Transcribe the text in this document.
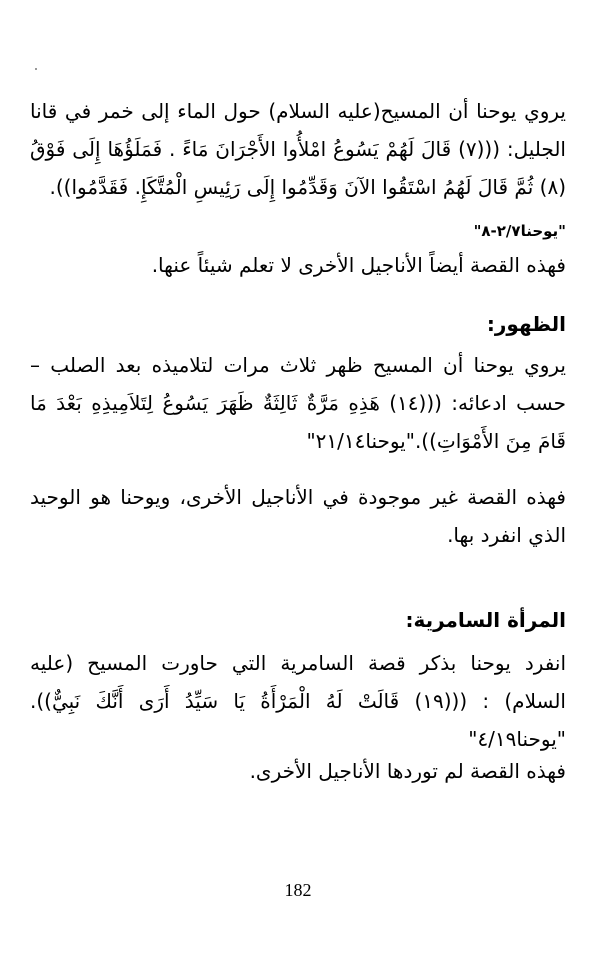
يروي يوحنا أن المسيح(عليه السلام) حول الماء إلى خمر في قانا الجليل: (((٧) قَالَ لَهُمْ يَسُوعُ امْلأُوا الأَجْرَانَ مَاءً . فَمَلَؤُهَا إِلَى فَوْقُ (٨) ثُمَّ قَالَ لَهُمُ اسْتَقُوا الآنَ وَقَدِّمُوا إِلَى رَئِيسِ الْمُتَّكَإِ. فَقَدَّمُوا)).
"يوحنا٢/٧-٨"
فهذه القصة أيضاً الأناجيل الأخرى لا تعلم شيئاً عنها.
الظهور:
يروي يوحنا أن المسيح ظهر ثلاث مرات لتلاميذه بعد الصلب – حسب ادعائه: (((١٤) هَذِهِ مَرَّةٌ ثَالِثَةٌ ظَهَرَ يَسُوعُ لِتَلاَمِيذِهِ بَعْدَ مَا قَامَ مِنَ الأَمْوَاتِ))."يوحنا٢١/١٤"
فهذه القصة غير موجودة في الأناجيل الأخرى، ويوحنا هو الوحيد الذي انفرد بها.
المرأة السامرية:
انفرد يوحنا بذكر قصة السامرية التي حاورت المسيح (عليه السلام) : (((١٩) قَالَتْ لَهُ الْمَرْأَةُ يَا سَيِّدُ أَرَى أَنَّكَ نَبِيٌّ)). "يوحنا٤/١٩"
فهذه القصة لم توردها الأناجيل الأخرى.
182
